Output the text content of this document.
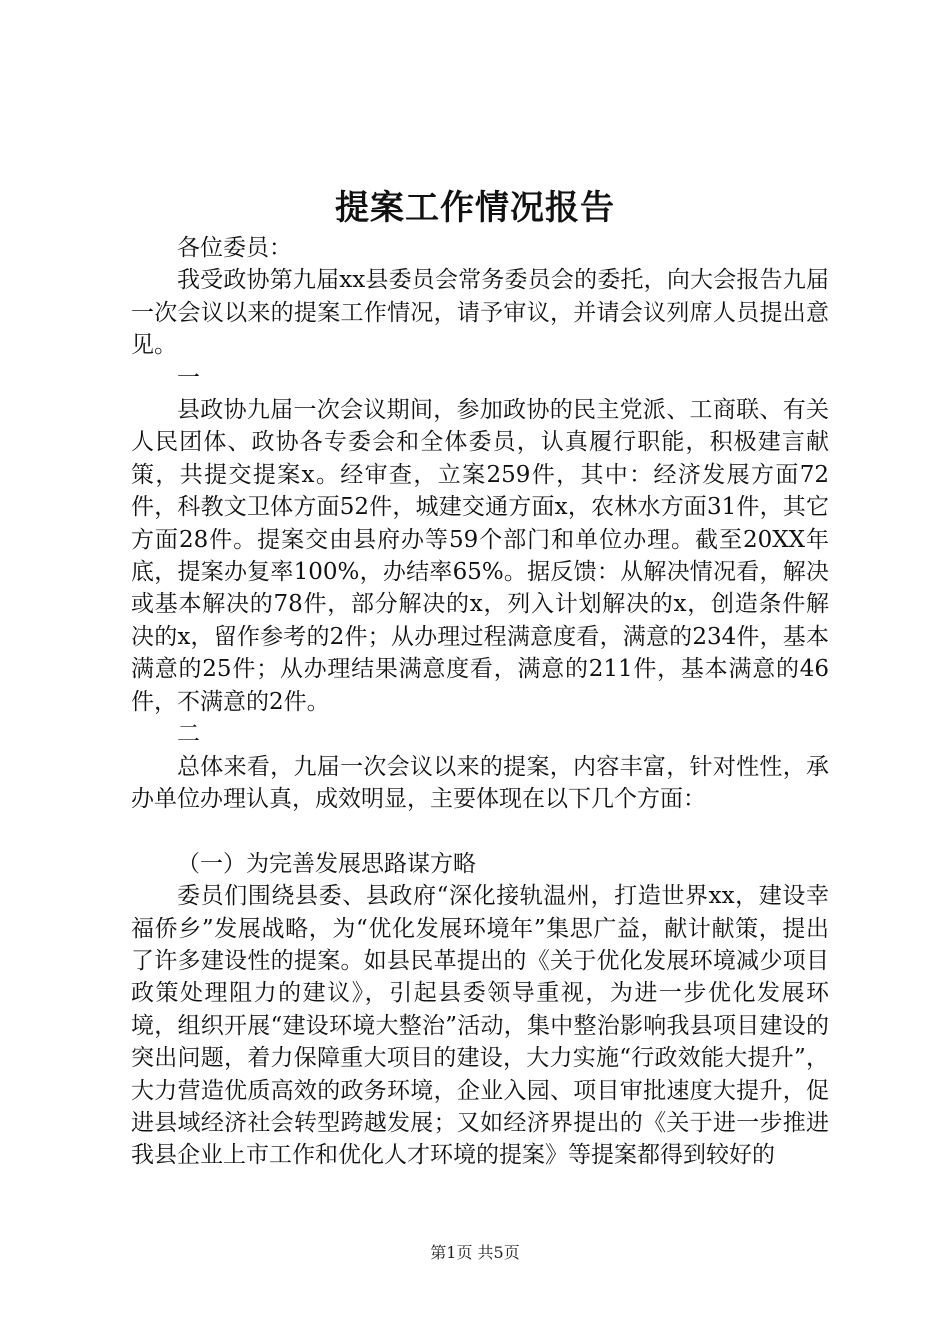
提案工作情况报告

各位委员：

我受政协第九届xx县委员会常务委员会的委托，向大会报告九届一次会议以来的提案工作情况，请予审议，并请会议列席人员提出意见。

一

县政协九届一次会议期间，参加政协的民主党派、工商联、有关人民团体、政协各专委会和全体委员，认真履行职能，积极建言献策，共提交提案x。经审查，立案259件，其中：经济发展方面72件，科教文卫体方面52件，城建交通方面x，农林水方面31件，其它方面28件。提案交由县府办等59个部门和单位办理。截至20XX年底，提案办复率100%，办结率65%。据反馈：从解决情况看，解决或基本解决的78件，部分解决的x，列入计划解决的x，创造条件解决的x，留作参考的2件；从办理过程满意度看，满意的234件，基本满意的25件；从办理结果满意度看，满意的211件，基本满意的46件，不满意的2件。

二

总体来看，九届一次会议以来的提案，内容丰富，针对性性，承办单位办理认真，成效明显，主要体现在以下几个方面：

（一）为完善发展思路谋方略

委员们围绕县委、县政府“深化接轨温州，打造世界xx，建设幸福侨乡”发展战略，为“优化发展环境年”集思广益，献计献策，提出了许多建设性的提案。如县民革提出的《关于优化发展环境减少项目政策处理阻力的建议》，引起县委领导重视，为进一步优化发展环境，组织开展“建设环境大整治”活动，集中整治影响我县项目建设的突出问题，着力保障重大项目的建设，大力实施“行政效能大提升”，大力营造优质高效的政务环境，企业入园、项目审批速度大提升，促进县域经济社会转型跨越发展；又如经济界提出的《关于进一步推进我县企业上市工作和优化人才环境的提案》等提案都得到较好的

第1页 共5页
